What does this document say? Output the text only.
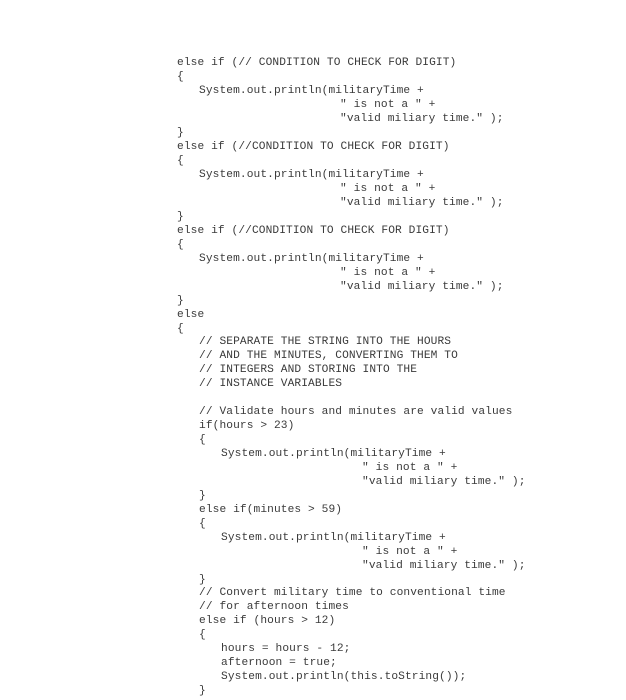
else if (// CONDITION TO CHECK FOR DIGIT)
{
System.out.println(militaryTime +
" is not a " +
"valid miliary time." );
}
else if (//CONDITION TO CHECK FOR DIGIT)
{
System.out.println(militaryTime +
" is not a " +
"valid miliary time." );
}
else if (//CONDITION TO CHECK FOR DIGIT)
{
System.out.println(militaryTime +
" is not a " +
"valid miliary time." );
}
else
{
// SEPARATE THE STRING INTO THE HOURS
// AND THE MINUTES, CONVERTING THEM TO
// INTEGERS AND STORING INTO THE
// INSTANCE VARIABLES
// Validate hours and minutes are valid values
if(hours > 23)
{
System.out.println(militaryTime +
" is not a " +
"valid miliary time." );
}
else if(minutes > 59)
{
System.out.println(militaryTime +
" is not a " +
"valid miliary time." );
}
// Convert military time to conventional time
// for afternoon times
else if (hours > 12)
{
hours = hours - 12;
afternoon = true;
System.out.println(this.toString());
}
